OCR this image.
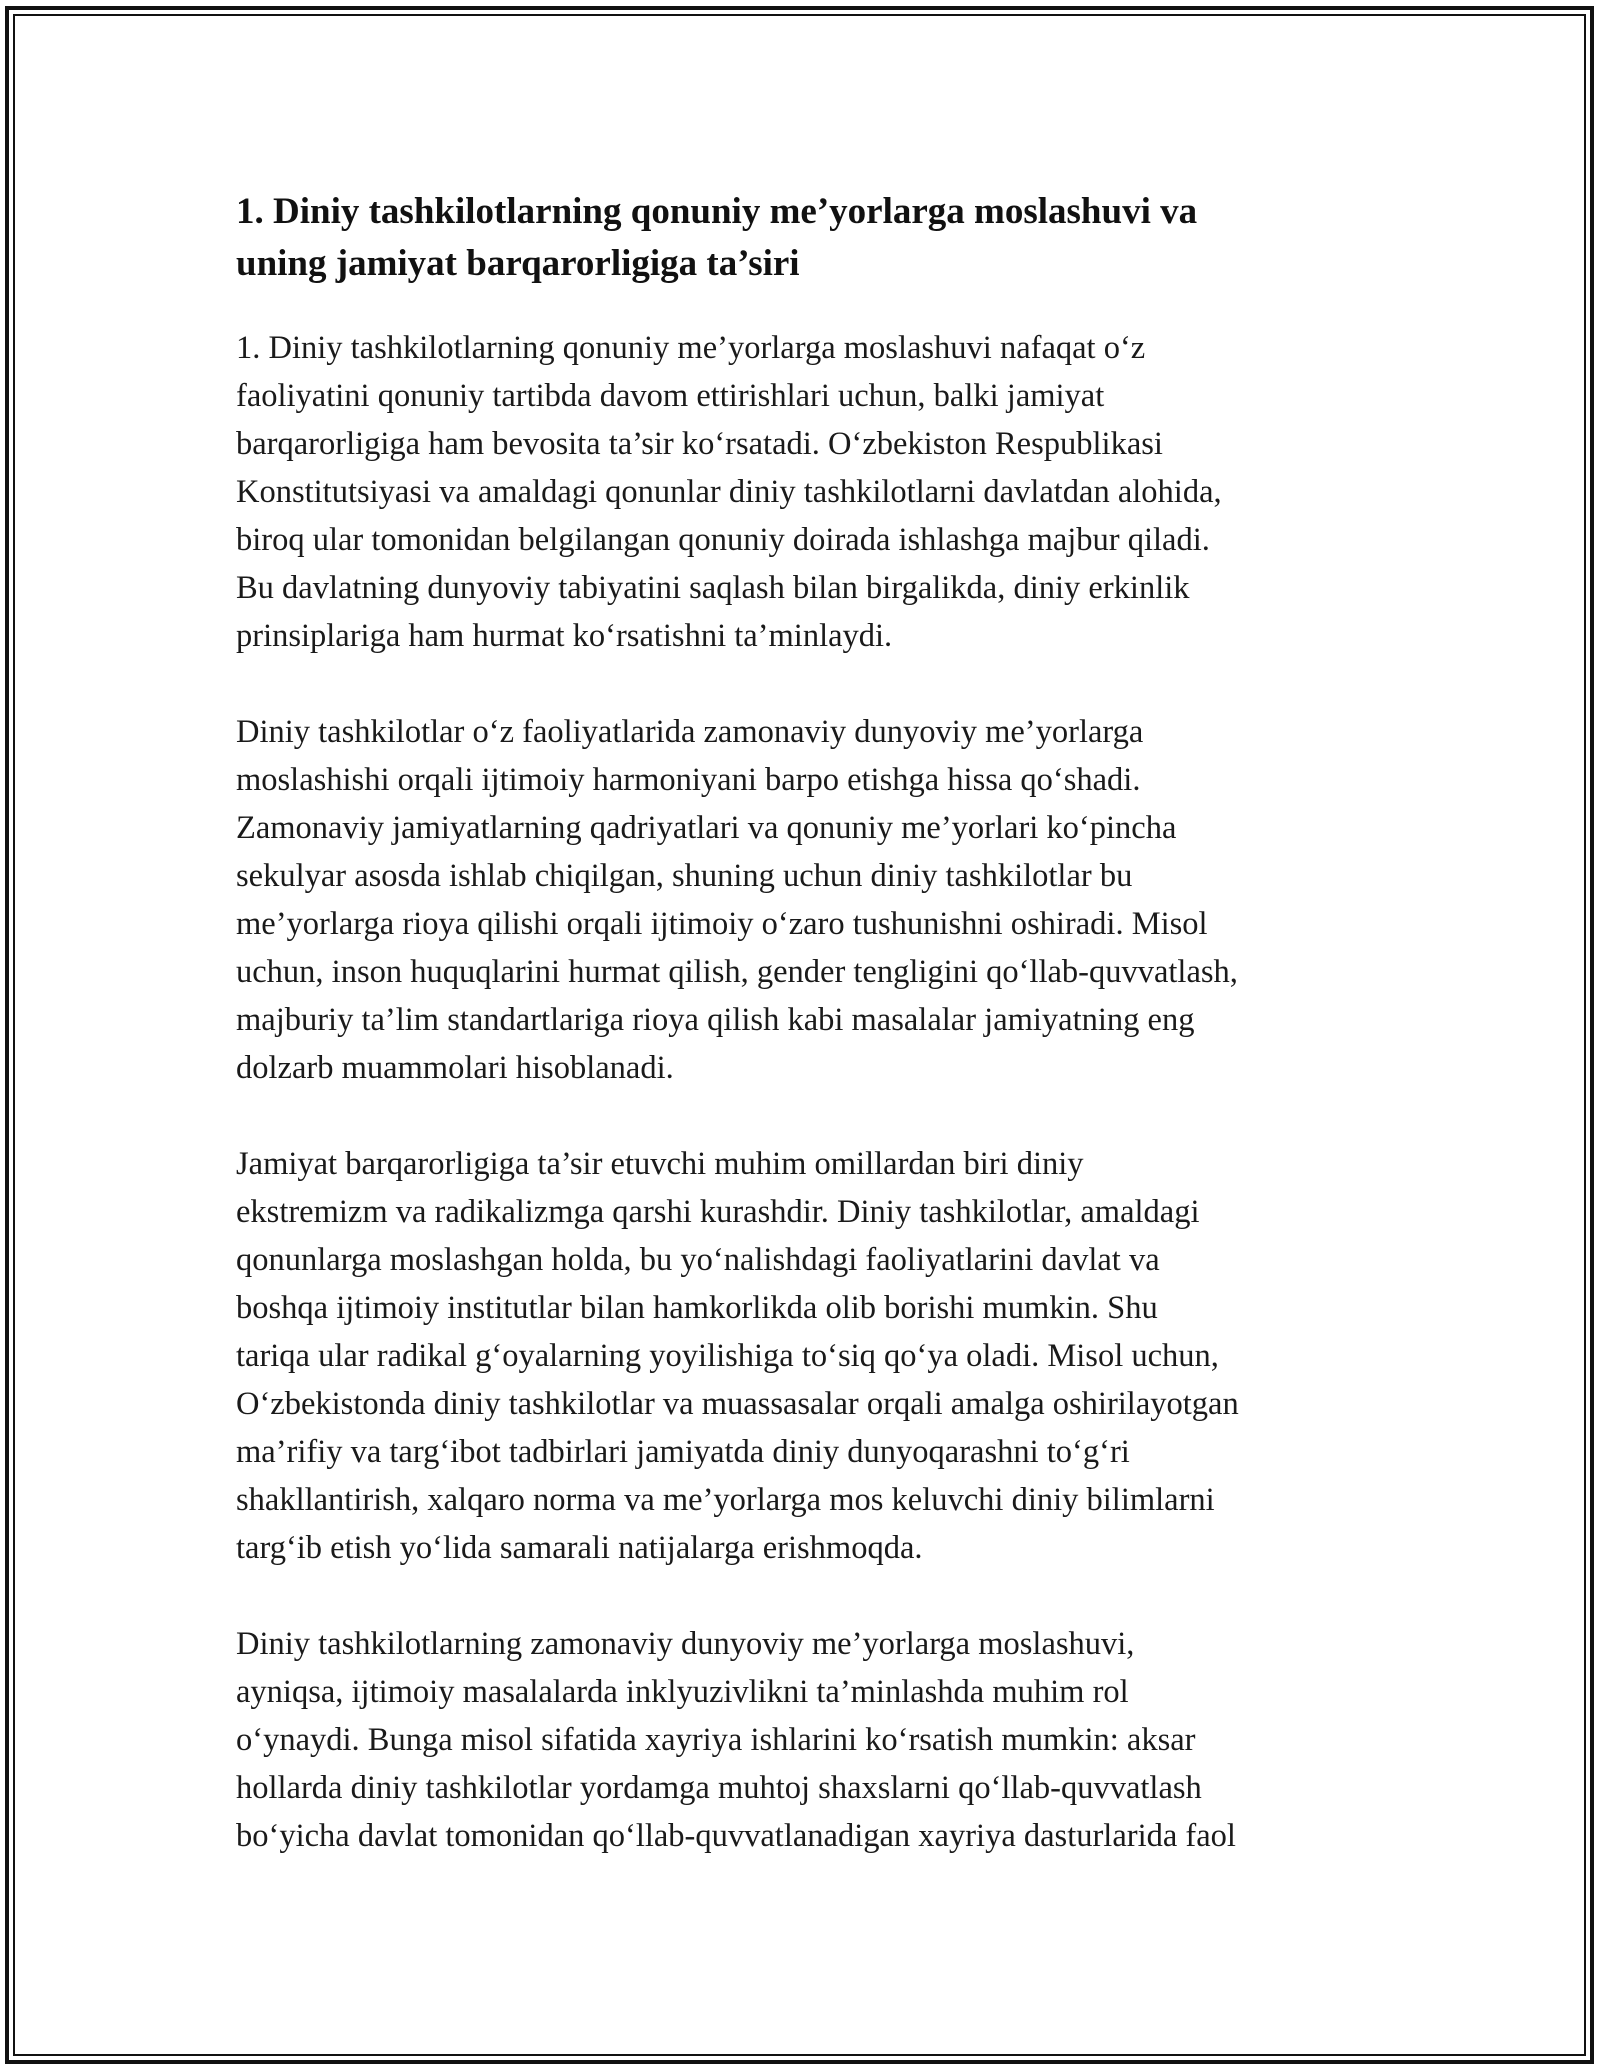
1. Diniy tashkilotlarning qonuniy me’yorlarga moslashuvi va
uning jamiyat barqarorligiga ta’siri

1. Diniy tashkilotlarning qonuniy me’yorlarga moslashuvi nafaqat o‘z
faoliyatini qonuniy tartibda davom ettirishlari uchun, balki jamiyat
barqarorligiga ham bevosita ta’sir ko‘rsatadi. O‘zbekiston Respublikasi
Konstitutsiyasi va amaldagi qonunlar diniy tashkilotlarni davlatdan alohida,
biroq ular tomonidan belgilangan qonuniy doirada ishlashga majbur qiladi.
Bu davlatning dunyoviy tabiyatini saqlash bilan birgalikda, diniy erkinlik
prinsiplariga ham hurmat ko‘rsatishni ta’minlaydi.

Diniy tashkilotlar o‘z faoliyatlarida zamonaviy dunyoviy me’yorlarga
moslashishi orqali ijtimoiy harmoniyani barpo etishga hissa qo‘shadi.
Zamonaviy jamiyatlarning qadriyatlari va qonuniy me’yorlari ko‘pincha
sekulyar asosda ishlab chiqilgan, shuning uchun diniy tashkilotlar bu
me’yorlarga rioya qilishi orqali ijtimoiy o‘zaro tushunishni oshiradi. Misol
uchun, inson huquqlarini hurmat qilish, gender tengligini qo‘llab-quvvatlash,
majburiy ta’lim standartlariga rioya qilish kabi masalalar jamiyatning eng
dolzarb muammolari hisoblanadi.

Jamiyat barqarorligiga ta’sir etuvchi muhim omillardan biri diniy
ekstremizm va radikalizmga qarshi kurashdir. Diniy tashkilotlar, amaldagi
qonunlarga moslashgan holda, bu yo‘nalishdagi faoliyatlarini davlat va
boshqa ijtimoiy institutlar bilan hamkorlikda olib borishi mumkin. Shu
tariqa ular radikal g‘oyalarning yoyilishiga to‘siq qo‘ya oladi. Misol uchun,
O‘zbekistonda diniy tashkilotlar va muassasalar orqali amalga oshirilayotgan
ma’rifiy va targ‘ibot tadbirlari jamiyatda diniy dunyoqarashni to‘g‘ri
shakllantirish, xalqaro norma va me’yorlarga mos keluvchi diniy bilimlarni
targ‘ib etish yo‘lida samarali natijalarga erishmoqda.

Diniy tashkilotlarning zamonaviy dunyoviy me’yorlarga moslashuvi,
ayniqsa, ijtimoiy masalalarda inklyuzivlikni ta’minlashda muhim rol
o‘ynaydi. Bunga misol sifatida xayriya ishlarini ko‘rsatish mumkin: aksar
hollarda diniy tashkilotlar yordamga muhtoj shaxslarni qo‘llab-quvvatlash
bo‘yicha davlat tomonidan qo‘llab-quvvatlanadigan xayriya dasturlarida faol
